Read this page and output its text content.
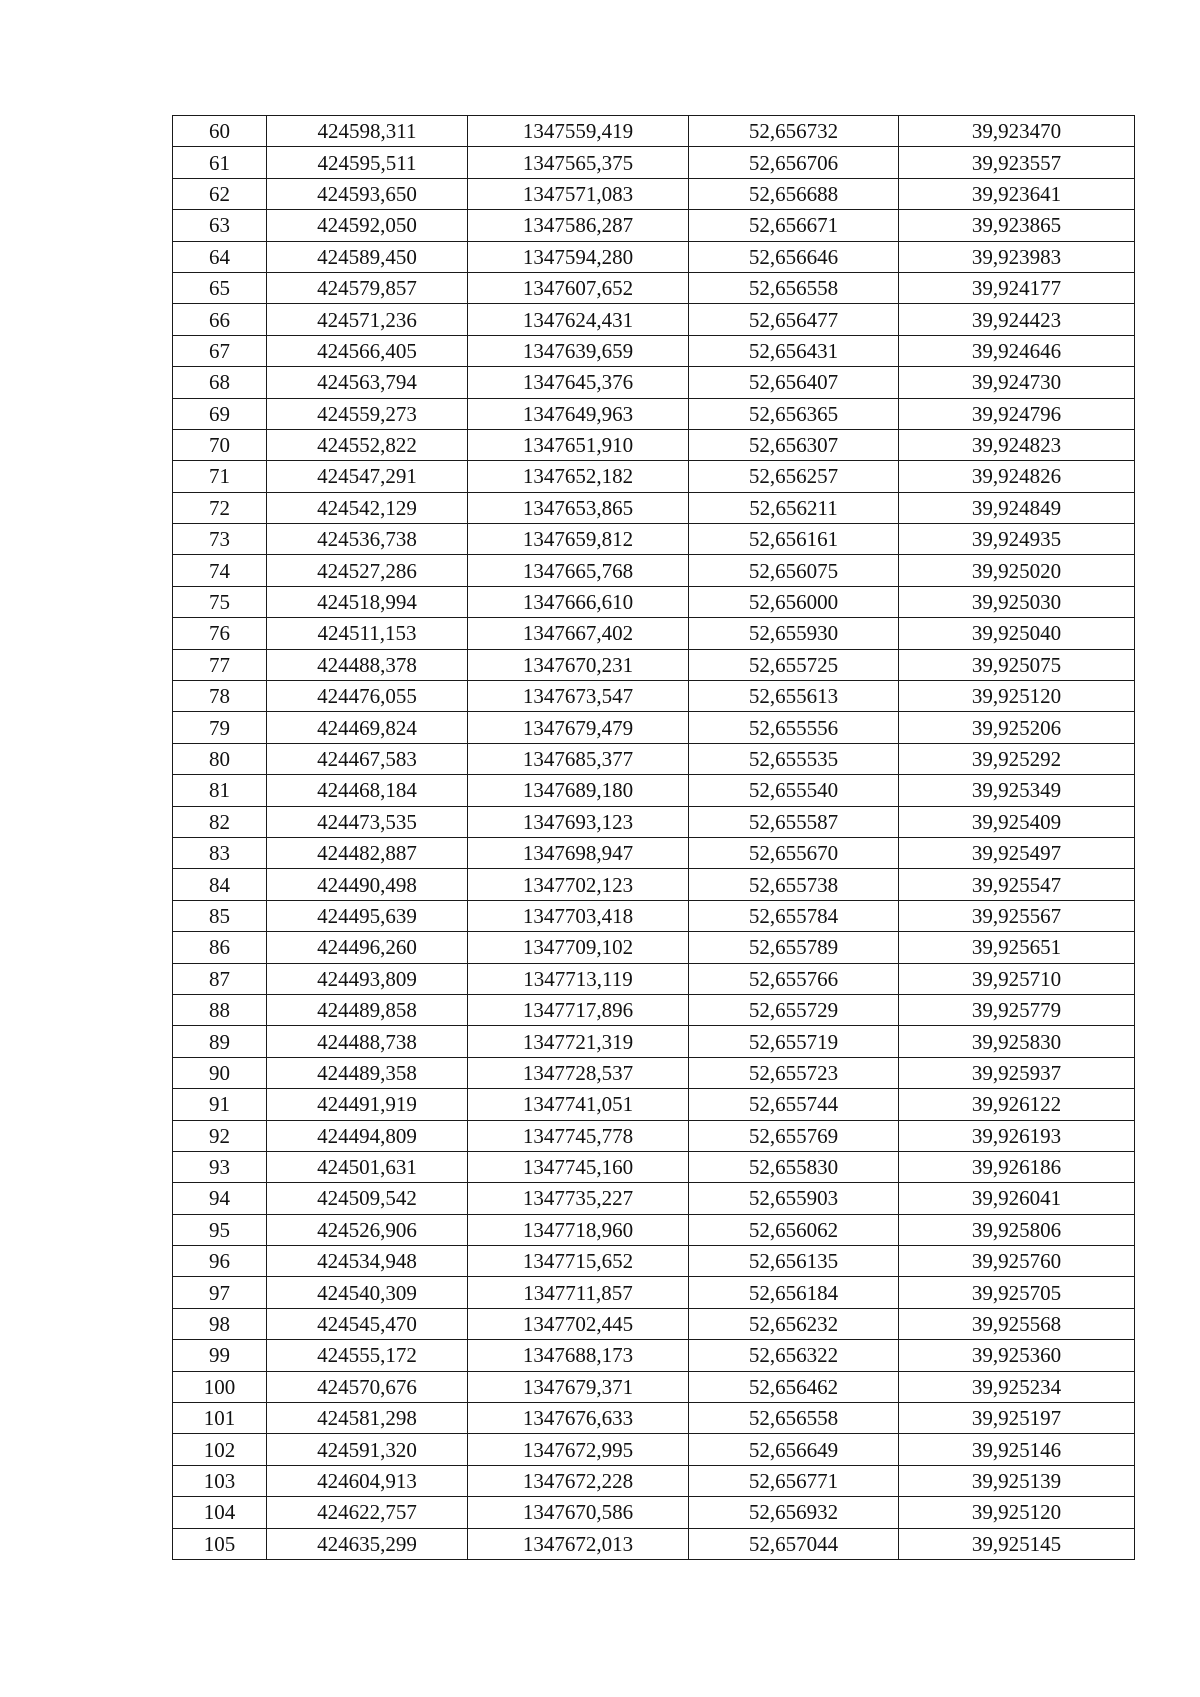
60	424598,311	1347559,419	52,656732	39,923470
61	424595,511	1347565,375	52,656706	39,923557
62	424593,650	1347571,083	52,656688	39,923641
63	424592,050	1347586,287	52,656671	39,923865
64	424589,450	1347594,280	52,656646	39,923983
65	424579,857	1347607,652	52,656558	39,924177
66	424571,236	1347624,431	52,656477	39,924423
67	424566,405	1347639,659	52,656431	39,924646
68	424563,794	1347645,376	52,656407	39,924730
69	424559,273	1347649,963	52,656365	39,924796
70	424552,822	1347651,910	52,656307	39,924823
71	424547,291	1347652,182	52,656257	39,924826
72	424542,129	1347653,865	52,656211	39,924849
73	424536,738	1347659,812	52,656161	39,924935
74	424527,286	1347665,768	52,656075	39,925020
75	424518,994	1347666,610	52,656000	39,925030
76	424511,153	1347667,402	52,655930	39,925040
77	424488,378	1347670,231	52,655725	39,925075
78	424476,055	1347673,547	52,655613	39,925120
79	424469,824	1347679,479	52,655556	39,925206
80	424467,583	1347685,377	52,655535	39,925292
81	424468,184	1347689,180	52,655540	39,925349
82	424473,535	1347693,123	52,655587	39,925409
83	424482,887	1347698,947	52,655670	39,925497
84	424490,498	1347702,123	52,655738	39,925547
85	424495,639	1347703,418	52,655784	39,925567
86	424496,260	1347709,102	52,655789	39,925651
87	424493,809	1347713,119	52,655766	39,925710
88	424489,858	1347717,896	52,655729	39,925779
89	424488,738	1347721,319	52,655719	39,925830
90	424489,358	1347728,537	52,655723	39,925937
91	424491,919	1347741,051	52,655744	39,926122
92	424494,809	1347745,778	52,655769	39,926193
93	424501,631	1347745,160	52,655830	39,926186
94	424509,542	1347735,227	52,655903	39,926041
95	424526,906	1347718,960	52,656062	39,925806
96	424534,948	1347715,652	52,656135	39,925760
97	424540,309	1347711,857	52,656184	39,925705
98	424545,470	1347702,445	52,656232	39,925568
99	424555,172	1347688,173	52,656322	39,925360
100	424570,676	1347679,371	52,656462	39,925234
101	424581,298	1347676,633	52,656558	39,925197
102	424591,320	1347672,995	52,656649	39,925146
103	424604,913	1347672,228	52,656771	39,925139
104	424622,757	1347670,586	52,656932	39,925120
105	424635,299	1347672,013	52,657044	39,925145
